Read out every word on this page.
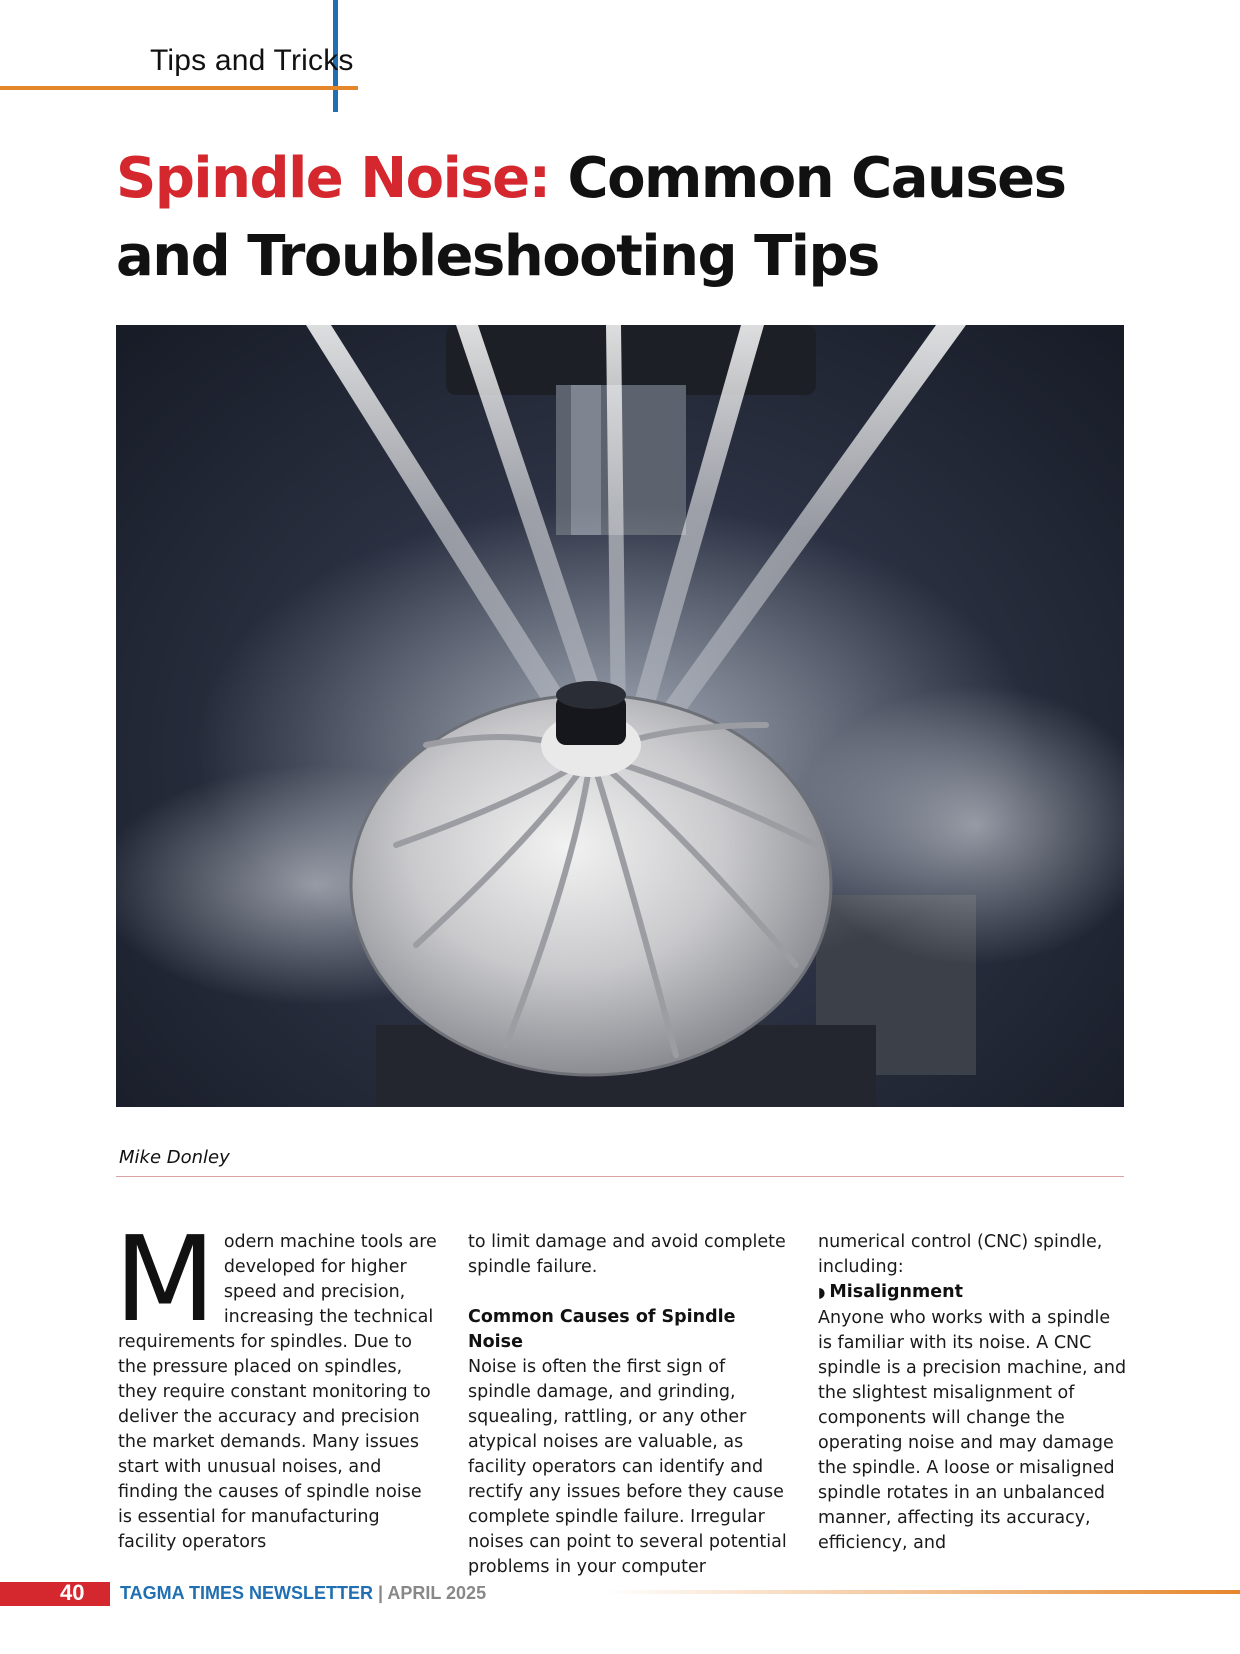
Tips and Tricks
Spindle Noise: Common Causes and Troubleshooting Tips
Mike Donley

Modern machine tools are developed for higher speed and precision, increasing the technical requirements for spindles. Due to the pressure placed on spindles, they require constant monitoring to deliver the accuracy and precision the market demands. Many issues start with unusual noises, and finding the causes of spindle noise is essential for manufacturing facility operators

to limit damage and avoid complete spindle failure.

Common Causes of Spindle Noise

Noise is often the first sign of spindle damage, and grinding, squealing, rattling, or any other atypical noises are valuable, as facility operators can identify and rectify any issues before they cause complete spindle failure. Irregular noises can point to several potential problems in your computer

numerical control (CNC) spindle, including:

◗ Misalignment

Anyone who works with a spindle is familiar with its noise. A CNC spindle is a precision machine, and the slightest misalignment of components will change the operating noise and may damage the spindle. A loose or misaligned spindle rotates in an unbalanced manner, affecting its accuracy, efficiency, and

40 TAGMA TIMES NEWSLETTER | APRIL 2025
